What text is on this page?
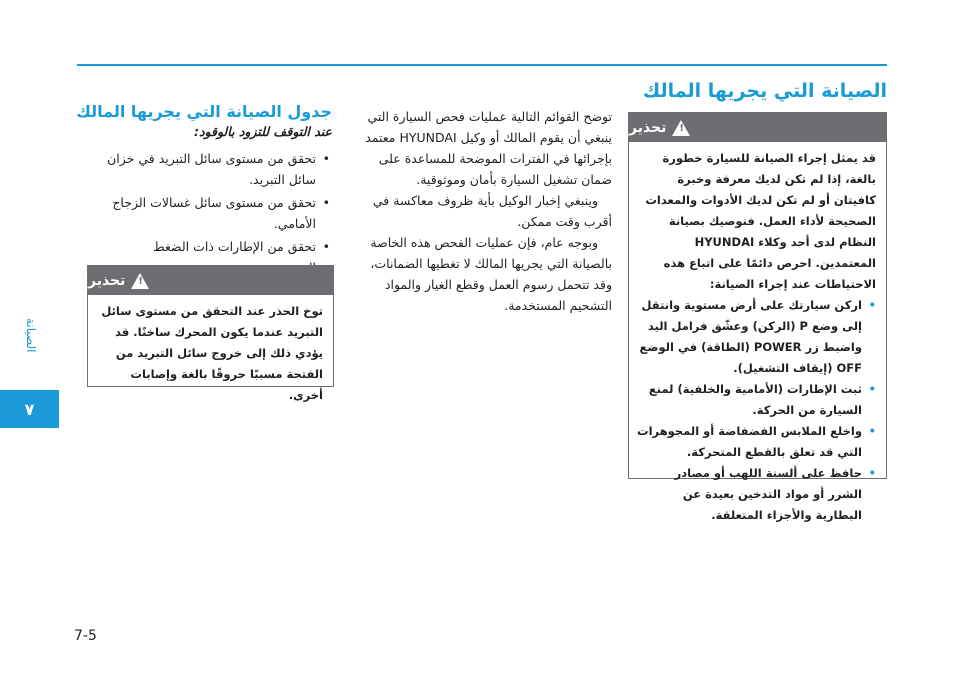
الصيانة
٧
الصيانة التي يجريها المالك

توضح القوائم التالية عمليات فحص السيارة التي ينبغي أن يقوم المالك أو وكيل HYUNDAI معتمد بإجرائها في الفترات الموضحة للمساعدة على ضمان تشغيل السيارة بأمان وموثوقية.

وينبغي إخبار الوكيل بأية ظروف معاكسة في أقرب وقت ممكن.

وبوجه عام، فإن عمليات الفحص هذه الخاصة بالصيانة التي يجريها المالك لا تغطيها الضمانات، وقد تتحمل رسوم العمل وقطع الغيار والمواد التشحيم المستخدمة.

جدول الصيانة التي يجريها المالك
عند التوقف للتزود بالوقود:
• تحقق من مستوى سائل التبريد في خزان سائل التبريد.
• تحقق من مستوى سائل غسالات الزجاج الأمامي.
• تحقق من الإطارات ذات الضغط
!
تحذير

توخ الحذر عند التحقق من مستوى سائل التبريد عندما يكون المحرك ساخنًا. قد يؤدي ذلك إلى خروج سائل التبريد من الفتحة مسببًا حروقًا بالغة وإصابات أخرى.

!
تحذير

قد يمثل إجراء الصيانة للسيارة خطورة بالغة، إذا لم تكن لديك معرفة وخبرة كافيتان أو لم تكن لديك الأدوات والمعدات الصحيحة لأداء العمل. فنوصيك بصيانة النظام لدى أحد وكلاء HYUNDAI المعتمدين. احرص دائمًا على اتباع هذه الاحتياطات عند إجراء الصيانة:

• اركن سيارتك على أرض مستوية وانتقل إلى وضع P (الركن) وعشّق فرامل اليد واضبط زر POWER (الطاقة) في الوضع OFF (إيقاف التشغيل).
• ثبت الإطارات (الأمامية والخلفية) لمنع السيارة من الحركة.
• واخلع الملابس الفضفاضة أو المجوهرات التي قد تعلق بالقطع المتحركة.
• حافظ على ألسنة اللهب أو مصادر الشرر أو مواد التدخين بعيدة عن البطارية والأجزاء المتعلقة.
7-5
